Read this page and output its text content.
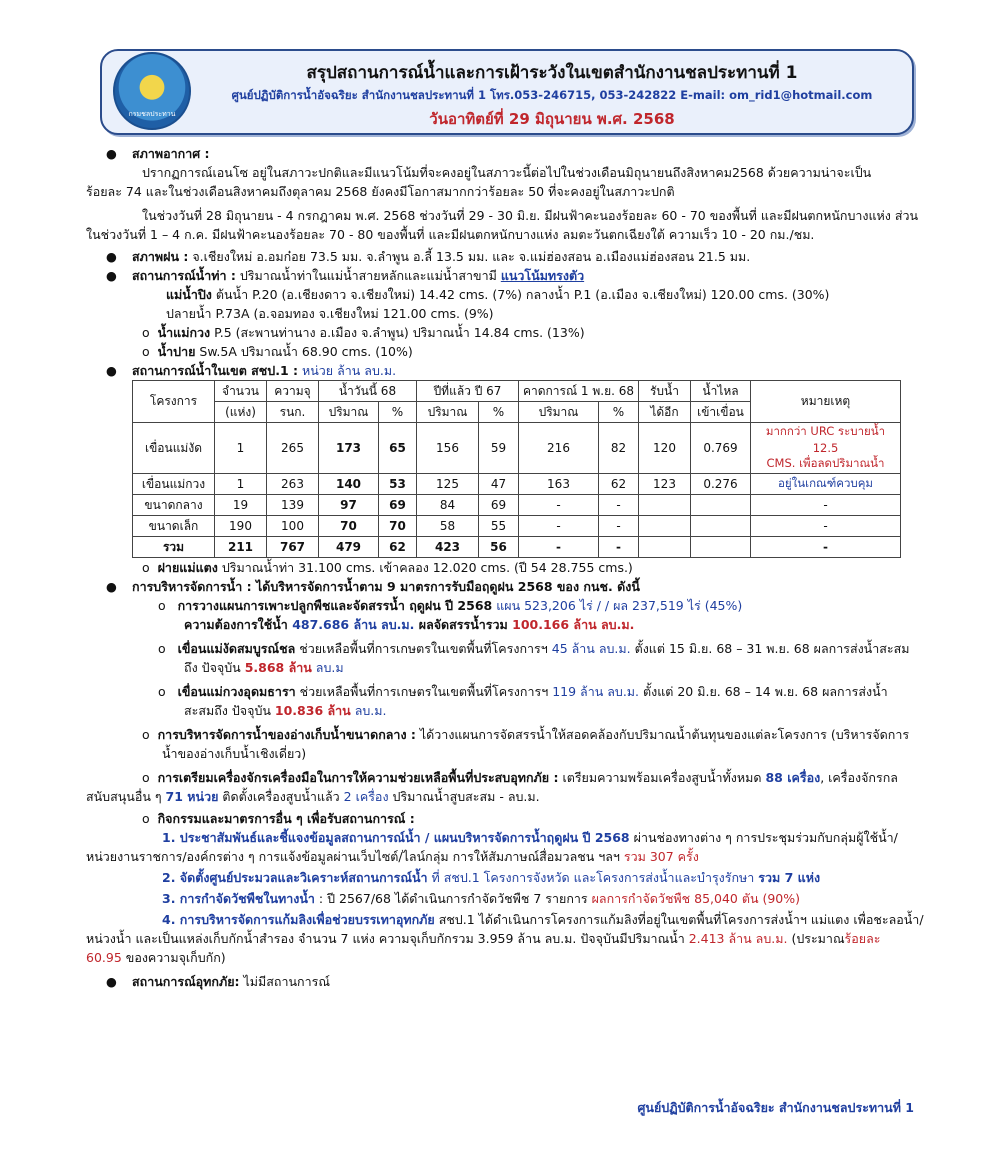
สรุปสถานการณ์น้ำและการเฝ้าระวังในเขตสำนักงานชลประทานที่ 1
ศูนย์ปฏิบัติการน้ำอัจฉริยะ สำนักงานชลประทานที่ 1 โทร.053-246715, 053-242822 E-mail: om_rid1@hotmail.com
วันอาทิตย์ที่ 29 มิถุนายน พ.ศ. 2568
กรมชลประทาน

● สภาพอากาศ :

ปรากฏการณ์เอนโซ อยู่ในสภาวะปกติและมีแนวโน้มที่จะคงอยู่ในสภาวะนี้ต่อไปในช่วงเดือนมิถุนายนถึงสิงหาคม2568 ด้วยความน่าจะเป็น

ร้อยละ 74 และในช่วงเดือนสิงหาคมถึงตุลาคม 2568 ยังคงมีโอกาสมากกว่าร้อยละ 50 ที่จะคงอยู่ในสภาวะปกติ

ในช่วงวันที่ 28 มิถุนายน - 4 กรกฎาคม พ.ศ. 2568 ช่วงวันที่ 29 - 30 มิ.ย. มีฝนฟ้าคะนองร้อยละ 60 - 70 ของพื้นที่ และมีฝนตกหนักบางแห่ง ส่วน

ในช่วงวันที่ 1 – 4 ก.ค. มีฝนฟ้าคะนองร้อยละ 70 - 80 ของพื้นที่ และมีฝนตกหนักบางแห่ง ลมตะวันตกเฉียงใต้ ความเร็ว 10 - 20 กม./ชม.

● สภาพฝน : จ.เชียงใหม่ อ.อมก๋อย 73.5 มม. จ.ลำพูน อ.ลี้ 13.5 มม. และ จ.แม่ฮ่องสอน อ.เมืองแม่ฮ่องสอน 21.5 มม.

● สถานการณ์น้ำท่า : ปริมาณน้ำท่าในแม่น้ำสายหลักและแม่น้ำสาขามี แนวโน้มทรงตัว

แม่น้ำปิง ต้นน้ำ P.20 (อ.เชียงดาว จ.เชียงใหม่) 14.42 cms. (7%) กลางน้ำ P.1 (อ.เมือง จ.เชียงใหม่) 120.00 cms. (30%)

ปลายน้ำ P.73A (อ.จอมทอง จ.เชียงใหม่ 121.00 cms. (9%)

o  น้ำแม่กวง P.5 (สะพานท่านาง อ.เมือง จ.ลำพูน) ปริมาณน้ำ 14.84 cms. (13%)

o  น้ำปาย Sw.5A ปริมาณน้ำ 68.90 cms. (10%)

● สถานการณ์น้ำในเขต สชป.1 : หน่วย ล้าน ลบ.ม.

โครงการ	จำนวน	ความจุ	น้ำวันนี้ 68		ปีที่แล้ว ปี 67		คาดการณ์ 1 พ.ย. 68		รับน้ำ	น้ำไหล	หมายเหตุ
	(แห่ง)	รนก.	ปริมาณ	%	ปริมาณ	%	ปริมาณ	%	ได้อีก	เข้าเขื่อน	
เขื่อนแม่งัด	1	265	173	65	156	59	216	82	120	0.769	มากกว่า URC ระบายน้ำ 12.5
CMS. เพื่อลดปริมาณน้ำ
เขื่อนแม่กวง	1	263	140	53	125	47	163	62	123	0.276	อยู่ในเกณฑ์ควบคุม
ขนาดกลาง	19	139	97	69	84	69	-	-			-
ขนาดเล็ก	190	100	70	70	58	55	-	-			-
รวม	211	767	479	62	423	56	-	-			-

o  ฝายแม่แตง ปริมาณน้ำท่า 31.100 cms. เข้าคลอง 12.020 cms. (ปี 54 28.755 cms.)

● การบริหารจัดการน้ำ : ได้บริหารจัดการน้ำตาม 9 มาตรการรับมือฤดูฝน 2568 ของ กนช. ดังนี้

o   การวางแผนการเพาะปลูกพืชและจัดสรรน้ำ ฤดูฝน ปี 2568 แผน 523,206 ไร่ / / ผล 237,519 ไร่ (45%)

ความต้องการใช้น้ำ 487.686 ล้าน ลบ.ม. ผลจัดสรรน้ำรวม 100.166 ล้าน ลบ.ม.

o   เขื่อนแม่งัดสมบูรณ์ชล ช่วยเหลือพื้นที่การเกษตรในเขตพื้นที่โครงการฯ 45 ล้าน ลบ.ม. ตั้งแต่ 15 มิ.ย. 68 – 31 พ.ย. 68 ผลการส่งน้ำสะสม

ถึง ปัจจุบัน 5.868 ล้าน ลบ.ม

o   เขื่อนแม่กวงอุดมธารา ช่วยเหลือพื้นที่การเกษตรในเขตพื้นที่โครงการฯ 119 ล้าน ลบ.ม. ตั้งแต่ 20 มิ.ย. 68 – 14 พ.ย. 68 ผลการส่งน้ำ

สะสมถึง ปัจจุบัน 10.836 ล้าน ลบ.ม.

o  การบริหารจัดการน้ำของอ่างเก็บน้ำขนาดกลาง : ได้วางแผนการจัดสรรน้ำให้สอดคล้องกับปริมาณน้ำต้นทุนของแต่ละโครงการ (บริหารจัดการ

น้ำของอ่างเก็บน้ำเชิงเดี่ยว)

o  การเตรียมเครื่องจักรเครื่องมือในการให้ความช่วยเหลือพื้นที่ประสบอุทกภัย : เตรียมความพร้อมเครื่องสูบน้ำทั้งหมด 88 เครื่อง, เครื่องจักรกล

สนับสนุนอื่น ๆ 71 หน่วย ติดตั้งเครื่องสูบน้ำแล้ว 2 เครื่อง ปริมาณน้ำสูบสะสม - ลบ.ม.

o  กิจกรรมและมาตรการอื่น ๆ เพื่อรับสถานการณ์ :

1. ประชาสัมพันธ์และชี้แจงข้อมูลสถานการณ์น้ำ / แผนบริหารจัดการน้ำฤดูฝน ปี 2568 ผ่านช่องทางต่าง ๆ การประชุมร่วมกับกลุ่มผู้ใช้น้ำ/

หน่วยงานราชการ/องค์กรต่าง ๆ การแจ้งข้อมูลผ่านเว็บไซต์/ไลน์กลุ่ม การให้สัมภาษณ์สื่อมวลชน ฯลฯ รวม 307 ครั้ง

2. จัดตั้งศูนย์ประมวลและวิเคราะห์สถานการณ์น้ำ ที่ สชป.1 โครงการจังหวัด และโครงการส่งน้ำและบำรุงรักษา รวม 7 แห่ง

3. การกำจัดวัชพืชในทางน้ำ : ปี 2567/68 ได้ดำเนินการกำจัดวัชพืช 7 รายการ ผลการกำจัดวัชพืช 85,040 ตัน (90%)

4. การบริหารจัดการแก้มลิงเพื่อช่วยบรรเทาอุทกภัย สชป.1 ได้ดำเนินการโครงการแก้มลิงที่อยู่ในเขตพื้นที่โครงการส่งน้ำฯ แม่แตง เพื่อชะลอน้ำ/

หน่วงน้ำ และเป็นแหล่งเก็บกักน้ำสำรอง จำนวน 7 แห่ง ความจุเก็บกักรวม 3.959 ล้าน ลบ.ม. ปัจจุบันมีปริมาณน้ำ 2.413 ล้าน ลบ.ม. (ประมาณร้อยละ

60.95 ของความจุเก็บกัก)

● สถานการณ์อุทกภัย: ไม่มีสถานการณ์

ศูนย์ปฏิบัติการน้ำอัจฉริยะ สำนักงานชลประทานที่ 1
